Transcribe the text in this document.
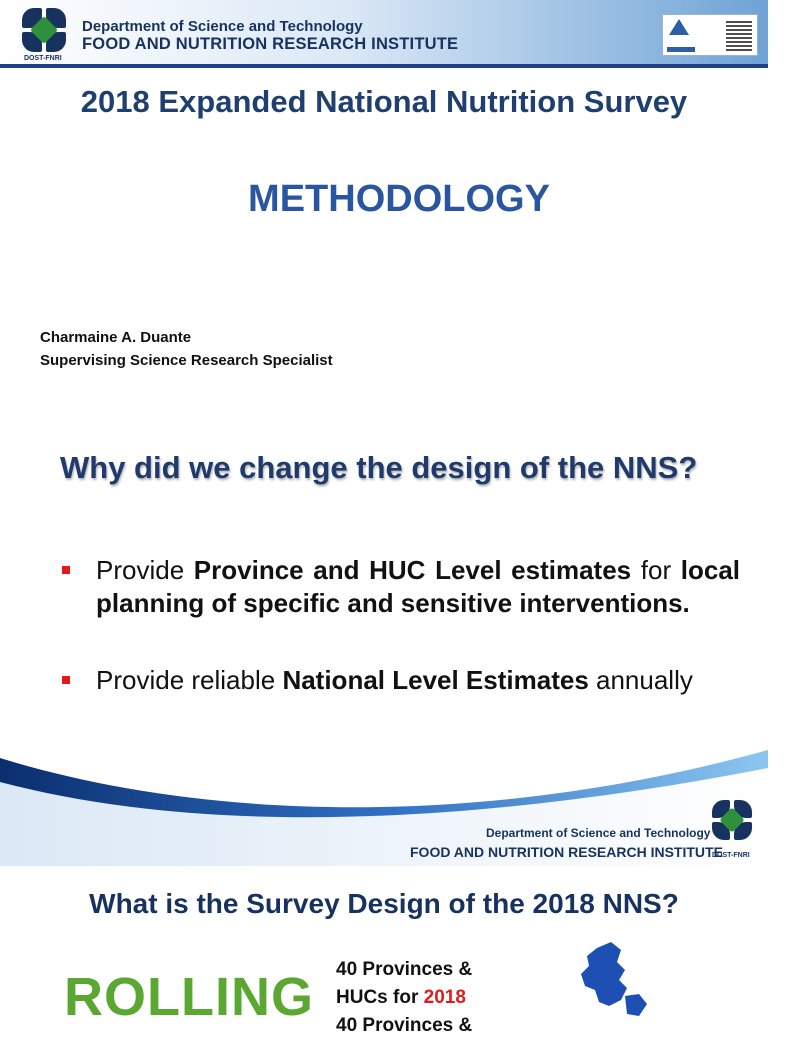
DOST-FNRI
Department of Science and Technology
FOOD AND NUTRITION RESEARCH INSTITUTE
2018 Expanded National Nutrition Survey
METHODOLOGY
Charmaine A. Duante
Supervising Science Research Specialist
Why did we change the design of the NNS?
Provide Province and HUC Level estimates for local planning of specific and sensitive interventions.
Provide reliable National Level Estimates annually
Department of Science and Technology
FOOD AND NUTRITION RESEARCH INSTITUTE
DOST-FNRI
What is the Survey Design of the 2018 NNS?
ROLLING 40 Provinces &
HUCs for 2018
40 Provinces &
